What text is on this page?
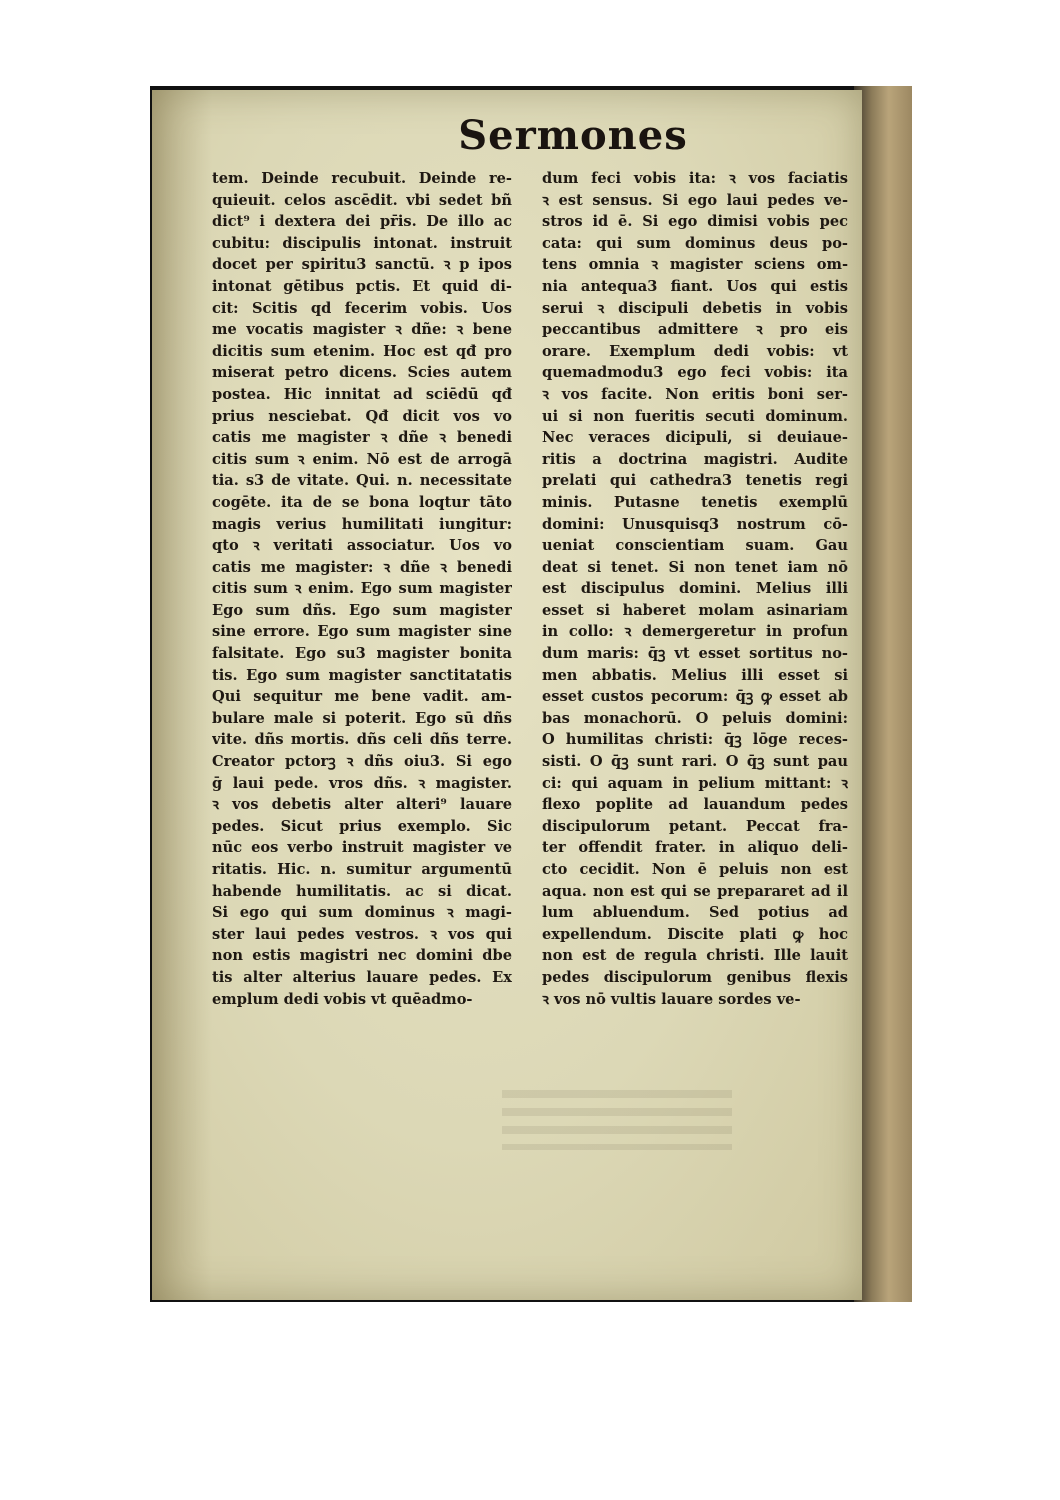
Sermones
tem. Deinde recubuit. Deinde re-
quieuit. celos ascēdit. vbi sedet bñ
dict⁹ i dextera dei pr̄is. De illo ac
cubitu: discipulis intonat. instruit
docet per spiritu3 sanctū. ꝛ p ipos
intonat gētibus pctis. Et quid di-
cit: Scitis qd fecerim vobis. Uos
me vocatis magister ꝛ dñe: ꝛ bene
dicitis sum etenim. Hoc est qđ pro
miserat petro dicens. Scies autem
postea. Hic innitat ad sciēdū qđ
prius nesciebat. Qđ dicit vos vo
catis me magister ꝛ dñe ꝛ benedi
citis sum ꝛ enim. Nō est de arrogā
tia. s3 de vitate. Qui. n. necessitate
cogēte. ita de se bona loqtur tāto
magis verius humilitati iungitur:
qto ꝛ veritati associatur. Uos vo
catis me magister: ꝛ dñe ꝛ benedi
citis sum ꝛ enim. Ego sum magister
Ego sum dñs. Ego sum magister
sine errore. Ego sum magister sine
falsitate. Ego su3 magister bonita
tis. Ego sum magister sanctitatatis
Qui sequitur me bene vadit. am-
bulare male si poterit. Ego sū dñs
vite. dñs mortis. dñs celi dñs terre.
Creator pctorꝫ ꝛ dñs oiu3. Si ego
ḡ laui pede. vros dñs. ꝛ magister.
ꝛ vos debetis alter alteri⁹ lauare
pedes. Sicut prius exemplo. Sic
nūc eos verbo instruit magister ve
ritatis. Hic. n. sumitur argumentū
habende humilitatis. ac si dicat.
Si ego qui sum dominus ꝛ magi-
ster laui pedes vestros. ꝛ vos qui
non estis magistri nec domini dbe
tis alter alterius lauare pedes. Ex
emplum dedi vobis vt quēadmo-
dum feci vobis ita: ꝛ vos faciatis
ꝛ est sensus. Si ego laui pedes ve-
stros id ē. Si ego dimisi vobis pec
cata: qui sum dominus deus po-
tens omnia ꝛ magister sciens om-
nia antequa3 fiant. Uos qui estis
serui ꝛ discipuli debetis in vobis
peccantibus admittere ꝛ pro eis
orare. Exemplum dedi vobis: vt
quemadmodu3 ego feci vobis: ita
ꝛ vos facite. Non eritis boni ser-
ui si non fueritis secuti dominum.
Nec veraces dicipuli, si deuiaue-
ritis a doctrina magistri. Audite
prelati qui cathedra3 tenetis regi
minis. Putasne tenetis exemplū
domini: Unusquisq3 nostrum cō-
ueniat conscientiam suam. Gau
deat si tenet. Si non tenet iam nō
est discipulus domini. Melius illi
esset si haberet molam asinariam
in collo: ꝛ demergeretur in profun
dum maris: q̄ꝫ vt esset sortitus no-
men abbatis. Melius illi esset si
esset custos pecorum: q̄ꝫ ꝙ esset ab
bas monachorū. O peluis domini:
O humilitas christi: q̄ꝫ lōge reces-
sisti. O q̄ꝫ sunt rari. O q̄ꝫ sunt pau
ci: qui aquam in pelium mittant: ꝛ
flexo poplite ad lauandum pedes
discipulorum petant. Peccat fra-
ter offendit frater. in aliquo deli-
cto cecidit. Non ē peluis non est
aqua. non est qui se prepararet ad il
lum abluendum. Sed potius ad
expellendum. Discite plati ꝙ hoc
non est de regula christi. Ille lauit
pedes discipulorum genibus flexis
ꝛ vos nō vultis lauare sordes ve-
